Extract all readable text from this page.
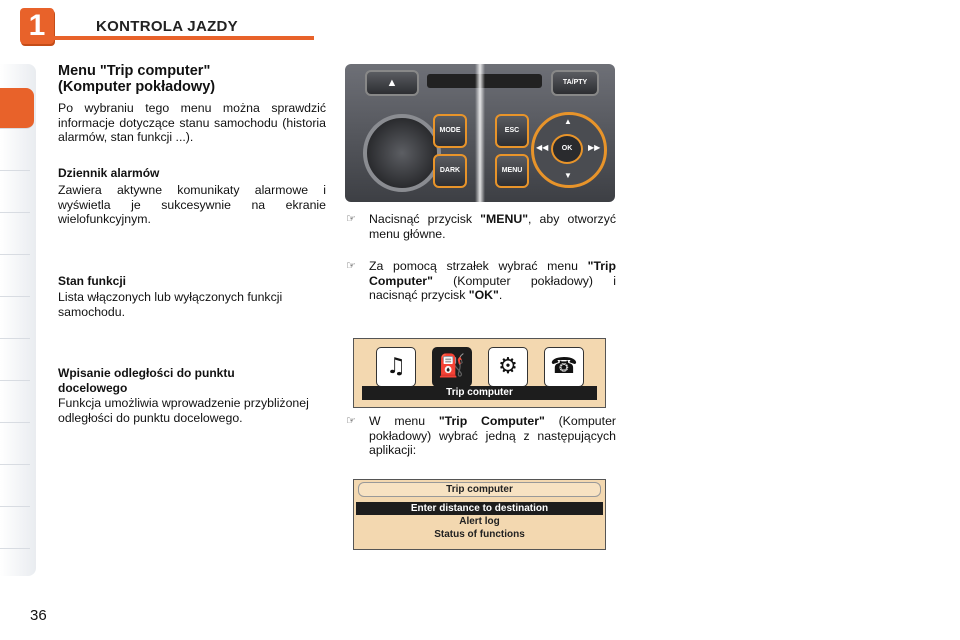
1	KONTROLA JAZDY
Menu "Trip computer"
(Komputer pokładowy)
Po wybraniu tego menu można sprawdzić informacje dotyczące stanu samochodu (historia alarmów, stan funkcji ...).
Dziennik alarmów
Zawiera aktywne komunikaty alarmowe i wyświetla je sukcesywnie na ekranie wielofunkcyjnym.
Stan funkcji
Lista włączonych lub wyłączonych funkcji samochodu.
Wpisanie odległości do punktu
docelowego
Funkcja umożliwia wprowadzenie przybliżonej odległości do punktu docelowego.
▲	TA/PTY
MODE
DARK
ESC
MENU
▲
▼
◀◀	▶▶
OK
☞ Nacisnąć przycisk "MENU", aby otworzyć menu główne.
☞ Za pomocą strzałek wybrać menu "Trip Computer" (Komputer pokładowy) i nacisnąć przycisk "OK".
♫	⛽	⚙	☎
Trip computer
☞ W menu "Trip Computer" (Komputer pokładowy) wybrać jedną z następujących aplikacji:
Trip computer
Enter distance to destination
Alert log
Status of functions
36
